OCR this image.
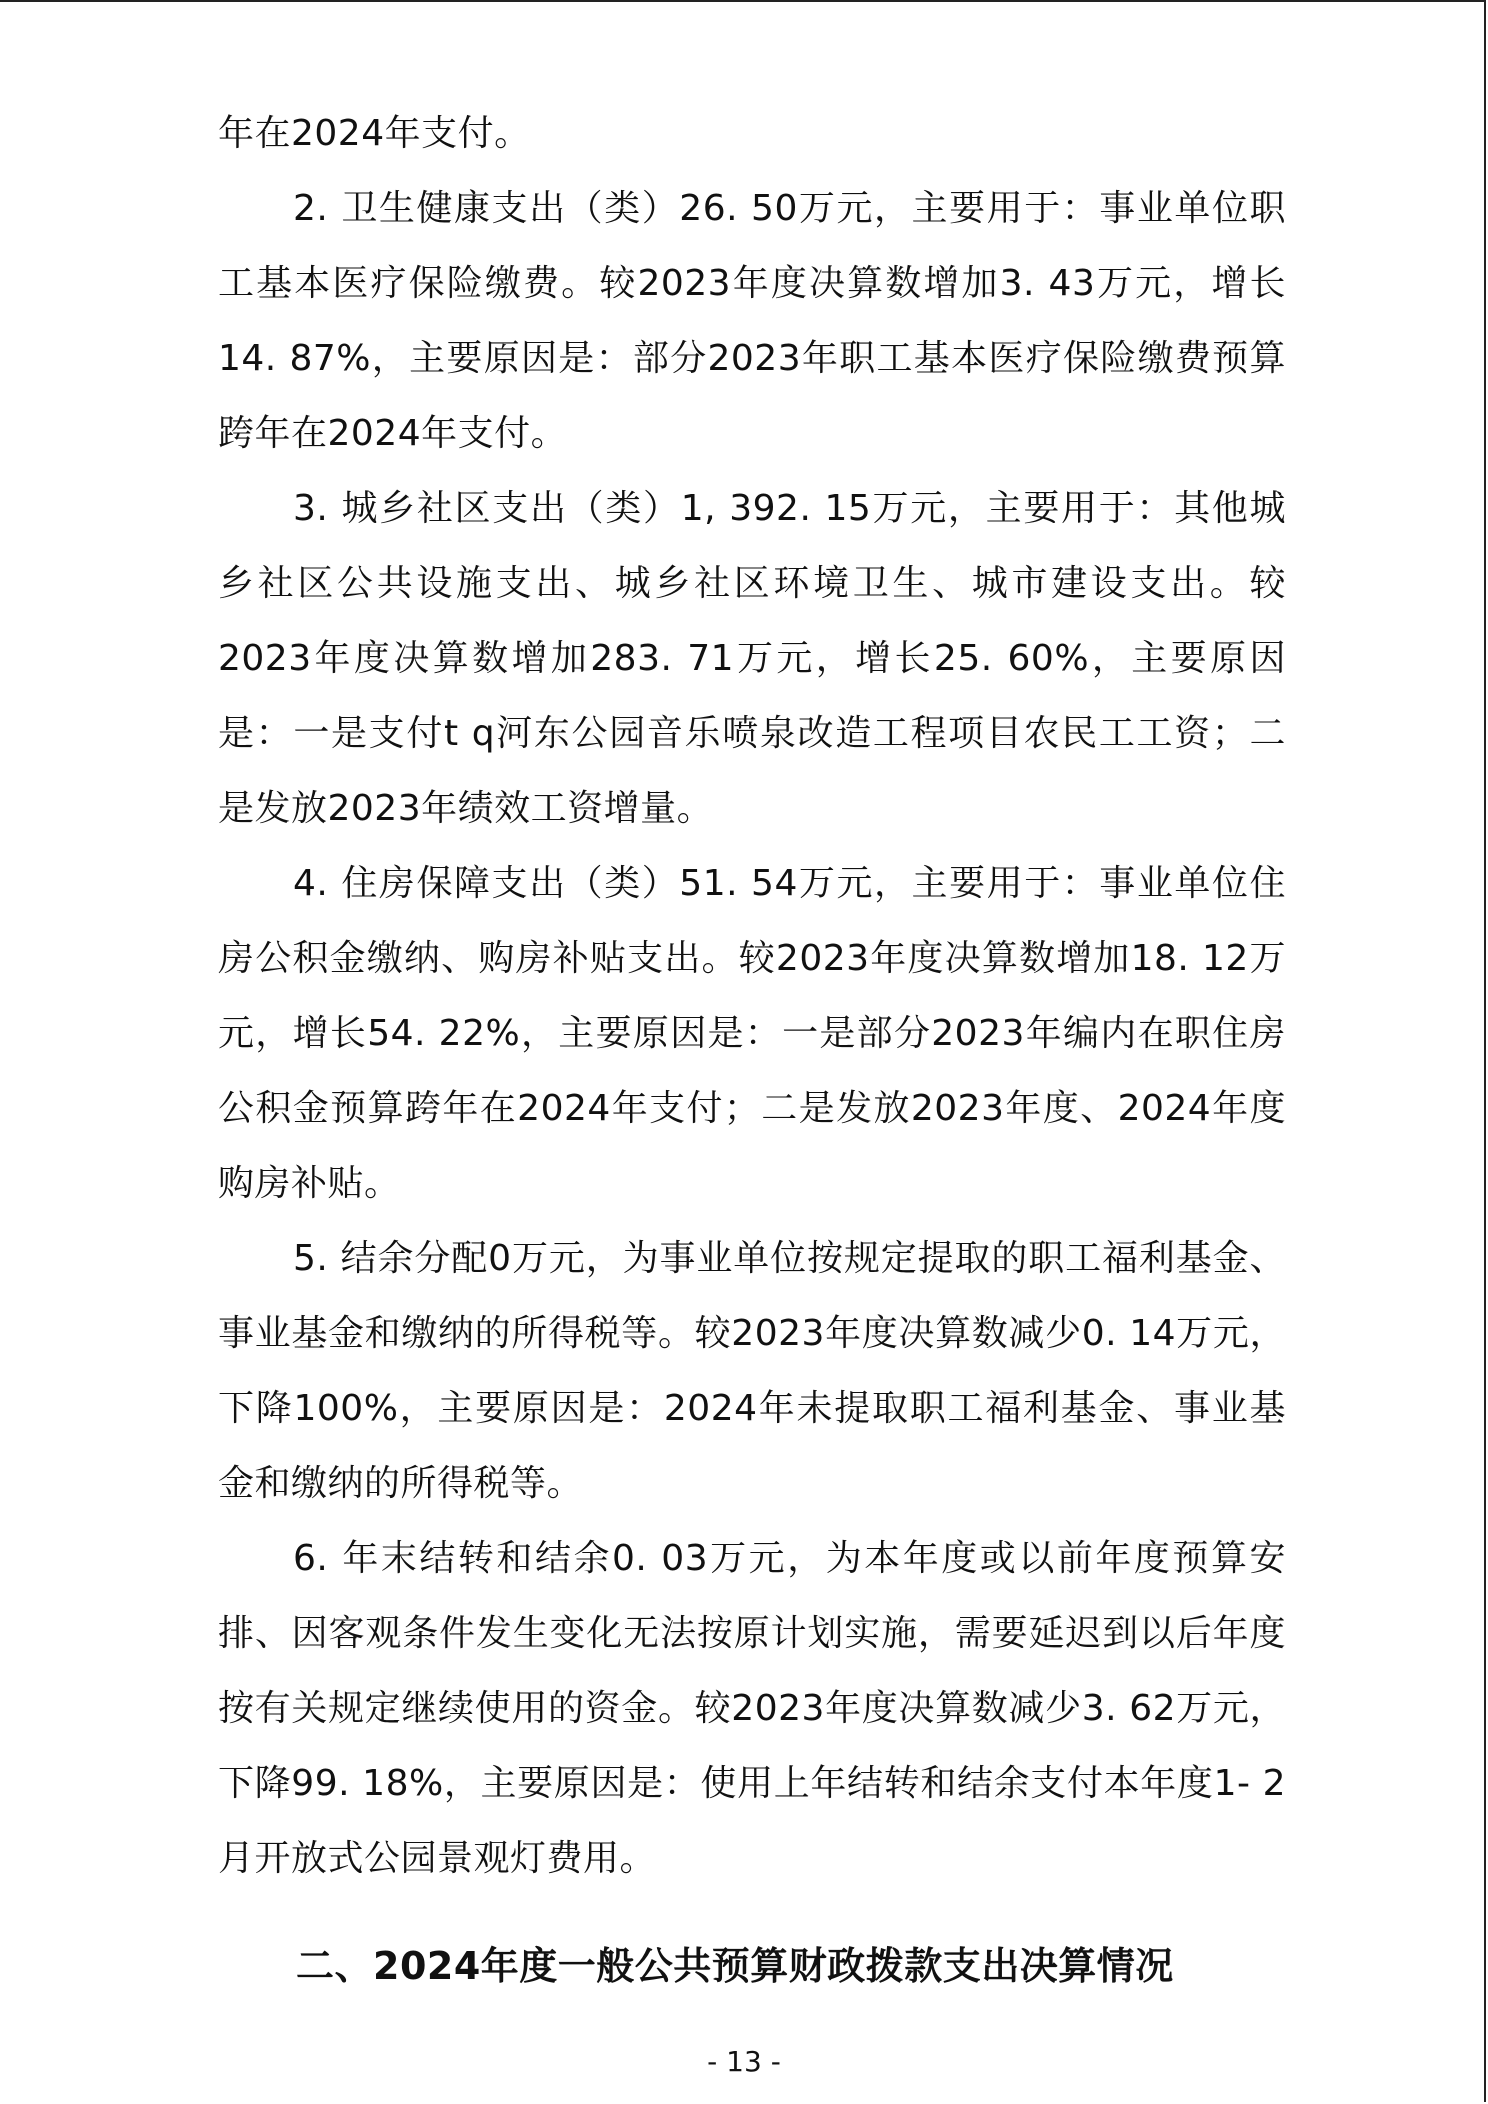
年在2024年支付。

2. 卫生健康支出（类）26. 50万元，主要用于：事业单位职工基本医疗保险缴费。较2023年度决算数增加3. 43万元，增长14. 87%，主要原因是：部分2023年职工基本医疗保险缴费预算跨年在2024年支付。

3. 城乡社区支出（类）1, 392. 15万元，主要用于：其他城乡社区公共设施支出、城乡社区环境卫生、城市建设支出。较2023年度决算数增加283. 71万元，增长25. 60%，主要原因是：一是支付t q河东公园音乐喷泉改造工程项目农民工工资；二是发放2023年绩效工资增量。

4. 住房保障支出（类）51. 54万元，主要用于：事业单位住房公积金缴纳、购房补贴支出。较2023年度决算数增加18. 12万元，增长54. 22%，主要原因是：一是部分2023年编内在职住房公积金预算跨年在2024年支付；二是发放2023年度、2024年度购房补贴。

5. 结余分配0万元，为事业单位按规定提取的职工福利基金、事业基金和缴纳的所得税等。较2023年度决算数减少0. 14万元，下降100%，主要原因是：2024年未提取职工福利基金、事业基金和缴纳的所得税等。

6. 年末结转和结余0. 03万元，为本年度或以前年度预算安排、因客观条件发生变化无法按原计划实施，需要延迟到以后年度按有关规定继续使用的资金。较2023年度决算数减少3. 62万元，下降99. 18%，主要原因是：使用上年结转和结余支付本年度1- 2月开放式公园景观灯费用。

二、2024年度一般公共预算财政拨款支出决算情况
- 13 -
